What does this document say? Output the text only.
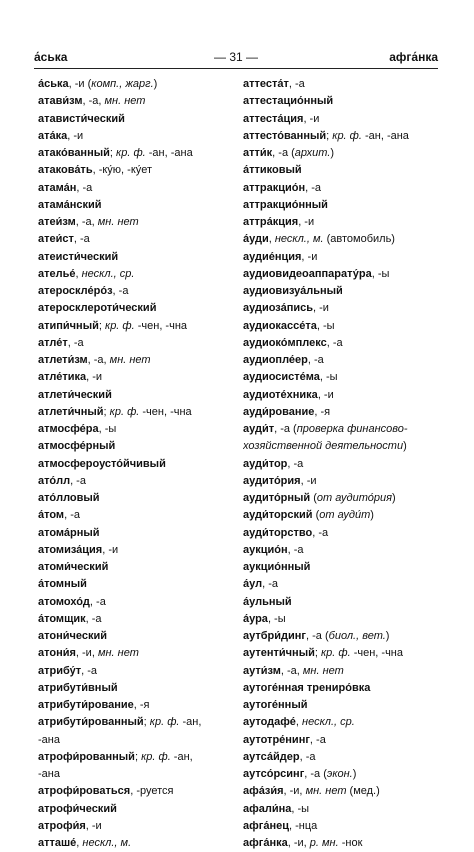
а́ська	— 31 —	афга́нка
а́ська, -и (комп., жарг.)
атави́зм, -а, мн. нет
атависти́ческий
ата́ка, -и
атако́ванный; кр. ф. -ан, -ана
атакова́ть, -ку́ю, -ку́ет
атама́н, -а
атама́нский
атеи́зм, -а, мн. нет
атеи́ст, -а
атеисти́ческий
ателье́, нескл., ср.
атероскле́ро́з, -а
атеросклероти́ческий
атипи́чный; кр. ф. -чен, -чна
атле́т, -а
атлети́зм, -а, мн. нет
атле́тика, -и
атлети́ческий
атлети́чный; кр. ф. -чен, -чна
атмосфе́ра, -ы
атмосфе́рный
атмосфероусто́йчивый
ато́лл, -а
ато́лловый
а́том, -а
атома́рный
атомиза́ция, -и
атоми́ческий
а́томный
атомохо́д, -а
а́томщик, -а
атони́ческий
атони́я, -и, мн. нет
атрибу́т, -а
атрибути́вный
атрибути́рование, -я
атрибути́рованный; кр. ф. -ан,
-ана
атрофи́рованный; кр. ф. -ан,
-ана
атрофи́роваться, -руется
атрофи́ческий
атрофи́я, -и
атташе́, нескл., м.
аттеста́т, -а
аттестацио́нный
аттеста́ция, -и
аттесто́ванный; кр. ф. -ан, -ана
атти́к, -а (архит.)
а́ттиковый
аттракцио́н, -а
аттракцио́нный
аттра́кция, -и
а́уди, нескл., м. (автомобиль)
аудие́нция, -и
аудиовидеоаппарату́ра, -ы
аудиовизуа́льный
аудиоза́пись, -и
аудиокассе́та, -ы
аудиоко́мплекс, -а
аудиопле́ер, -а
аудиосисте́ма, -ы
аудиоте́хника, -и
ауди́рование, -я
ауди́т, -а (проверка финансово-
хозяйственной деятельности)
ауди́тор, -а
аудито́рия, -и
аудито́рный (от аудито́рия)
ауди́торский (от ауди́т)
ауди́торство, -а
аукцио́н, -а
аукцио́нный
а́ул, -а
а́ульный
а́ура, -ы
аутбри́динг, -а (биол., вет.)
аутенти́чный; кр. ф. -чен, -чна
аути́зм, -а, мн. нет
аутоге́нная трениро́вка
аутоге́нный
аутодафе́, нескл., ср.
аутотре́нинг, -а
аутса́йдер, -а
аутсо́рсинг, -а (экон.)
афа́зи́я, -и, мн. нет (мед.)
афали́на, -ы
афга́нец, -нца
афга́нка, -и, р. мн. -нок
